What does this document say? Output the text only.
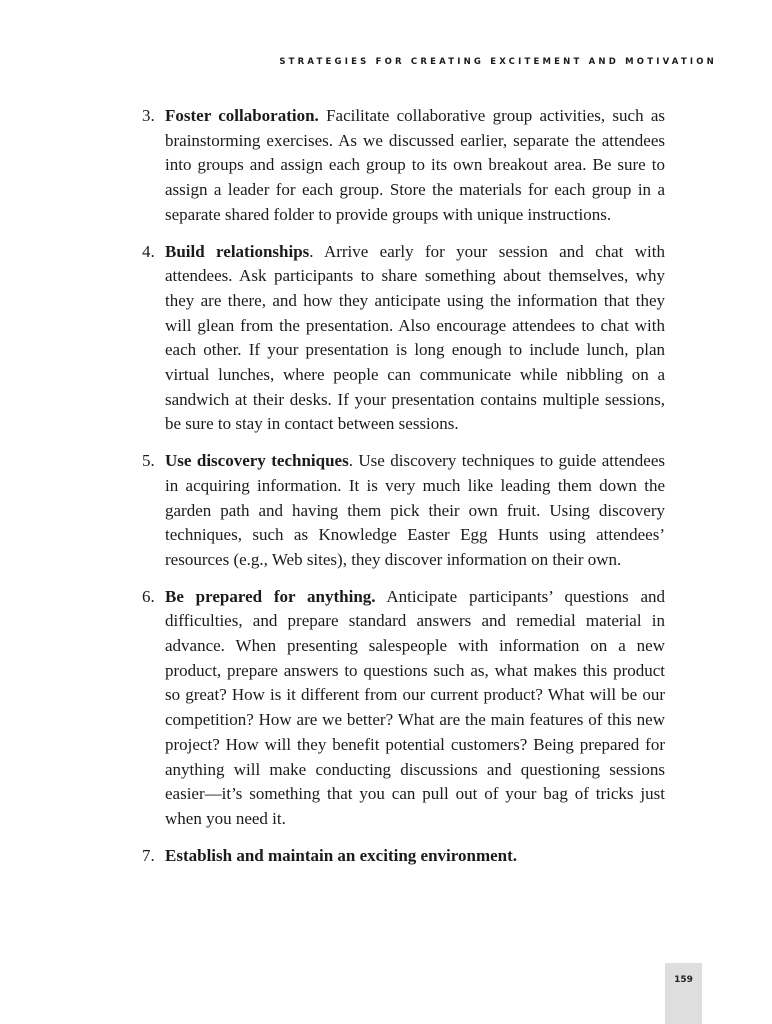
STRATEGIES FOR CREATING EXCITEMENT AND MOTIVATION
3. Foster collaboration. Facilitate collaborative group activities, such as brainstorming exercises. As we discussed earlier, separate the attendees into groups and assign each group to its own breakout area. Be sure to assign a leader for each group. Store the materials for each group in a separate shared folder to provide groups with unique instructions.
4. Build relationships. Arrive early for your session and chat with attendees. Ask participants to share something about themselves, why they are there, and how they anticipate using the information that they will glean from the presentation. Also encourage attendees to chat with each other. If your presentation is long enough to include lunch, plan virtual lunches, where people can communicate while nibbling on a sandwich at their desks. If your presentation contains multiple sessions, be sure to stay in contact between sessions.
5. Use discovery techniques. Use discovery techniques to guide attendees in acquiring information. It is very much like leading them down the garden path and having them pick their own fruit. Using discovery techniques, such as Knowledge Easter Egg Hunts using attendees’ resources (e.g., Web sites), they discover information on their own.
6. Be prepared for anything. Anticipate participants’ questions and difficulties, and prepare standard answers and remedial material in advance. When presenting salespeople with information on a new product, prepare answers to questions such as, what makes this product so great? How is it different from our current product? What will be our competition? How are we better? What are the main features of this new project? How will they benefit potential customers? Being prepared for anything will make conducting discussions and questioning sessions easier—it’s something that you can pull out of your bag of tricks just when you need it.
7. Establish and maintain an exciting environment.
159
